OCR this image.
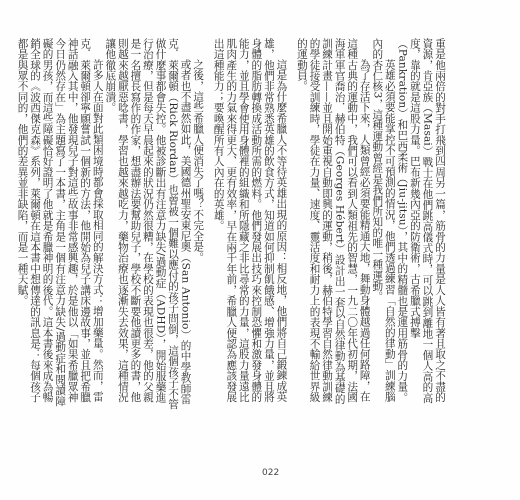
重是他兩倍的對手打飛到四周另一篇，筋骨的力量是人人皆有著且取之不盡的資源，肯亞族（Masai）戰士在他們跳高儀式時，可以跳到離地一個人高的高度，靠的就是這股力量。巴布新幾內亞的防衛術，古希臘式搏擊（Pankration）和巴西柔術（Jiu-jitsu），其中的精髓也是運用筋骨的力量。

英雄必須要能掌控不可預測的情況，他們透過練習「自然的律動」訓練腦內的杏仁核3，這種運動曾經是我們所知的唯一種運動。

為了存活下來，人類曾經必須要能精通大地，舞動身體越過任何路障，在這種古典的運動中，我們可以看到人類祖先的智慧，一九二〇年代初期，法國海軍軍官喬治．赫伯特（Georges Hébert）設計出一套以自然律動為基礎的訓練計畫——並且開始重視自動即興的運動，稍後，赫伯特學習自然律動訓練的學徒接受訓練時，學徒在力量、速度、靈活度和耐力上的表現不輸給世界級的運動員。

這是為什麼希臘人不等待英雄出現的原因：相反地，他們將自己鍛鍊成英雄，他們非常熟悉英雄的飲食方式，知道如何抑制飢餓感、增強力量，並且將身體的脂肪轉換成活動所需的燃料。他們發展出技巧來控制恐懼和激發身體的能力，並且學會使用身體裡的組織和所隱藏之非比尋常的力量，這股力量遠比肌肉產生的力氣來得更大、更有效率，早在兩千年前，希臘人便認為應該發展出這種能力；要喚醒所有人內在的英雄。

之後，這些希臘人便消失了嗎？不完全是。

或者也不盡然如此，美國德州聖安東尼奧（San Antonio）的中學教師雷克．萊爾頓（Rick Riordan）也曾被一個難以應付的孩子問倒，這個孩子不管做什麼事都會失控。他被診斷出有注意力缺失/過動症（ADHD），開始服藥進行治療，但是每天早晨起來的狀況仍然很糟，在學校的表現也很差，他的父親是一名擅長寫作的作家，想盡辦法要幫助兒子，學校不斷要他讀更多的書，他則越來越厭惡唸書，學習也越來越吃力，藥物治療也逐漸失去效果，這種情況讓他徹底崩潰。

許多人在面對此類困境時都會採取相同的解決方式：增加藥量。然而，雷克．萊爾頓卻寧願嘗試一個新的方法，他開始為兒子講床邊故事，並且把希臘神話融入其中，他發現兒子對這些故事非常感興趣，於是他以「如果希臘眾神今日仍然存在」為主題寫了一本書，主角是一個有注意力缺失/過動症和閱讀障礙的男孩，而這些障礙恰好證明了他就是希臘神明的後代。這本書後來成為暢銷全球的《波西傑克森》系列，萊爾頓在這本書中想傳達的訊息是：每個孩子都是與眾不同的，他們的差異並非缺陷，而是一種天賦。

022
